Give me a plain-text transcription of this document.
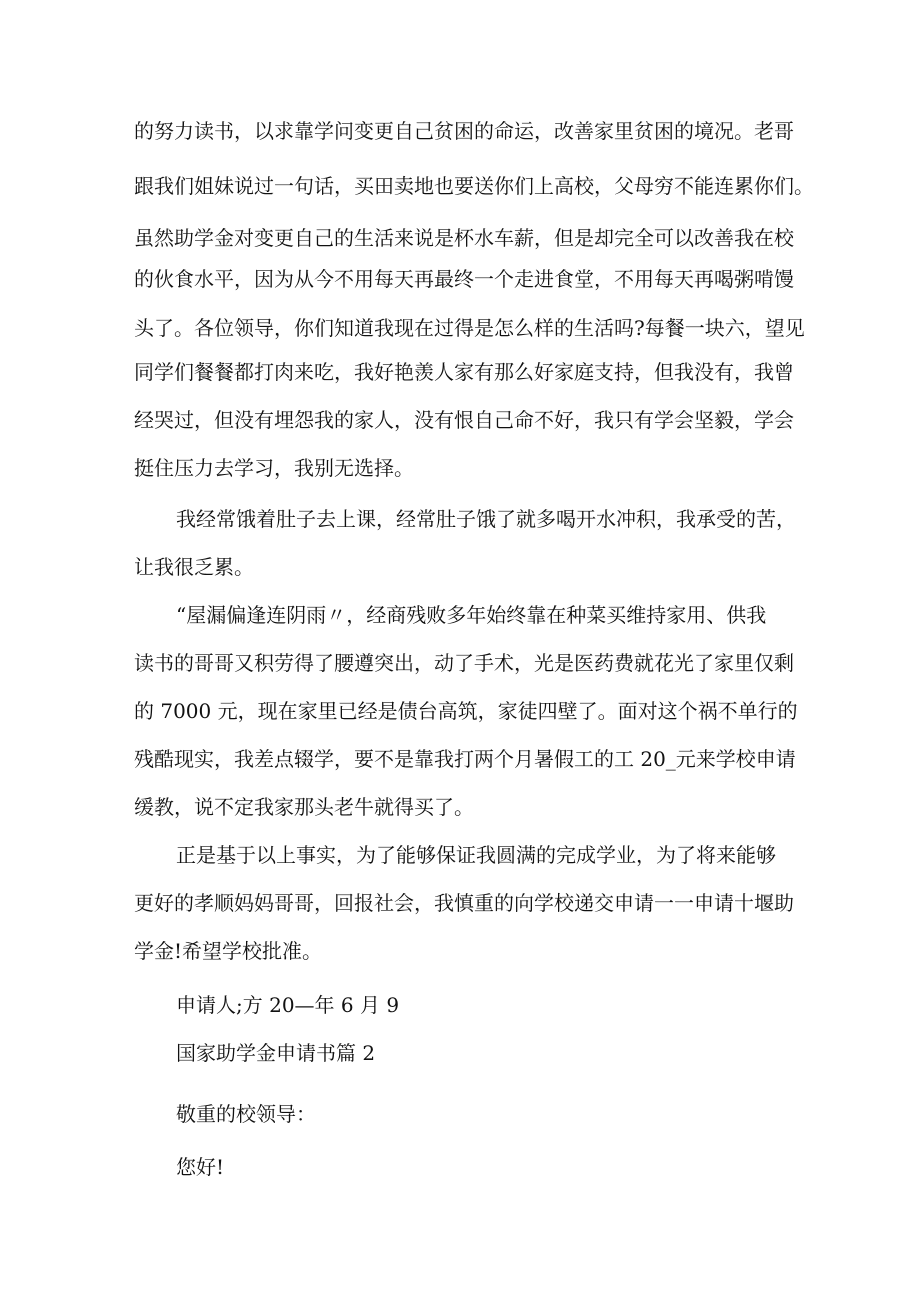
的努力读书，以求靠学问变更自己贫困的命运，改善家里贫困的境况。老哥
跟我们姐妹说过一句话，买田卖地也要送你们上高校，父母穷不能连累你们。
虽然助学金对变更自己的生活来说是杯水车薪，但是却完全可以改善我在校
的伙食水平，因为从今不用每天再最终一个走进食堂，不用每天再喝粥啃馒
头了。各位领导，你们知道我现在过得是怎么样的生活吗?每餐一块六，望见
同学们餐餐都打肉来吃，我好艳羡人家有那么好家庭支持，但我没有，我曾
经哭过，但没有埋怨我的家人，没有恨自己命不好，我只有学会坚毅，学会
挺住压力去学习，我别无选择。
我经常饿着肚子去上课，经常肚子饿了就多喝开水冲积，我承受的苦，
让我很乏累。
“屋漏偏逢连阴雨〃，经商残败多年始终靠在种菜买维持家用、供我
读书的哥哥又积劳得了腰遵突出，动了手术，光是医药费就花光了家里仅剩
的 7000 元，现在家里已经是债台高筑，家徒四壁了。面对这个祸不单行的
残酷现实，我差点辍学，要不是靠我打两个月暑假工的工 20_元来学校申请
缓教，说不定我家那头老牛就得买了。
正是基于以上事实，为了能够保证我圆满的完成学业，为了将来能够
更好的孝顺妈妈哥哥，回报社会，我慎重的向学校递交申请一一申请十堰助
学金!希望学校批准。
申请人;方 20—年 6 月 9
国家助学金申请书篇 2
敬重的校领导：
您好!
